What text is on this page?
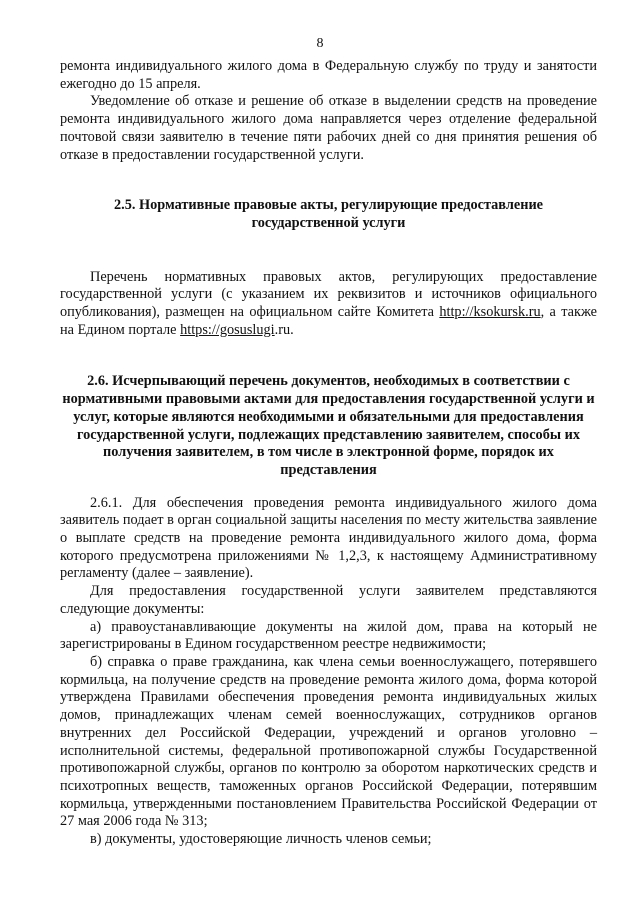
8

ремонта индивидуального жилого дома в Федеральную службу по труду и занятости ежегодно до 15 апреля.

Уведомление об отказе и решение об отказе в выделении средств на проведение ремонта индивидуального жилого дома направляется через отделение федеральной почтовой связи заявителю в течение пяти рабочих дней со дня принятия решения об отказе в предоставлении государственной услуги.

2.5. Нормативные правовые акты, регулирующие предоставление
государственной услуги

Перечень нормативных правовых актов, регулирующих предоставление государственной услуги (с указанием их реквизитов и источников официального опубликования), размещен на официальном сайте Комитета http://ksokursk.ru, а также на Едином портале https://gosuslugi.ru.

2.6. Исчерпывающий перечень документов, необходимых в соответствии с нормативными правовыми актами для предоставления государственной услуги и услуг, которые являются необходимыми и обязательными для предоставления государственной услуги, подлежащих представлению заявителем, способы их получения заявителем, в том числе в электронной форме, порядок их представления

2.6.1. Для обеспечения проведения ремонта индивидуального жилого дома заявитель подает в орган социальной защиты населения по месту жительства заявление о выплате средств на проведение ремонта индивидуального жилого дома, форма которого предусмотрена приложениями № 1,2,3, к настоящему Административному регламенту (далее – заявление).

Для предоставления государственной услуги заявителем представляются следующие документы:

а) правоустанавливающие документы на жилой дом, права на который не зарегистрированы в Едином государственном реестре недвижимости;

б) справка о праве гражданина, как члена семьи военнослужащего, потерявшего кормильца, на получение средств на проведение ремонта жилого дома, форма которой утверждена Правилами обеспечения проведения ремонта индивидуальных жилых домов, принадлежащих членам семей военнослужащих, сотрудников органов внутренних дел Российской Федерации, учреждений и органов уголовно – исполнительной системы, федеральной противопожарной службы Государственной противопожарной службы, органов по контролю за оборотом наркотических средств и психотропных веществ, таможенных органов Российской Федерации, потерявшим кормильца, утвержденными постановлением Правительства Российской Федерации от 27 мая 2006 года № 313;

в) документы, удостоверяющие личность членов семьи;
